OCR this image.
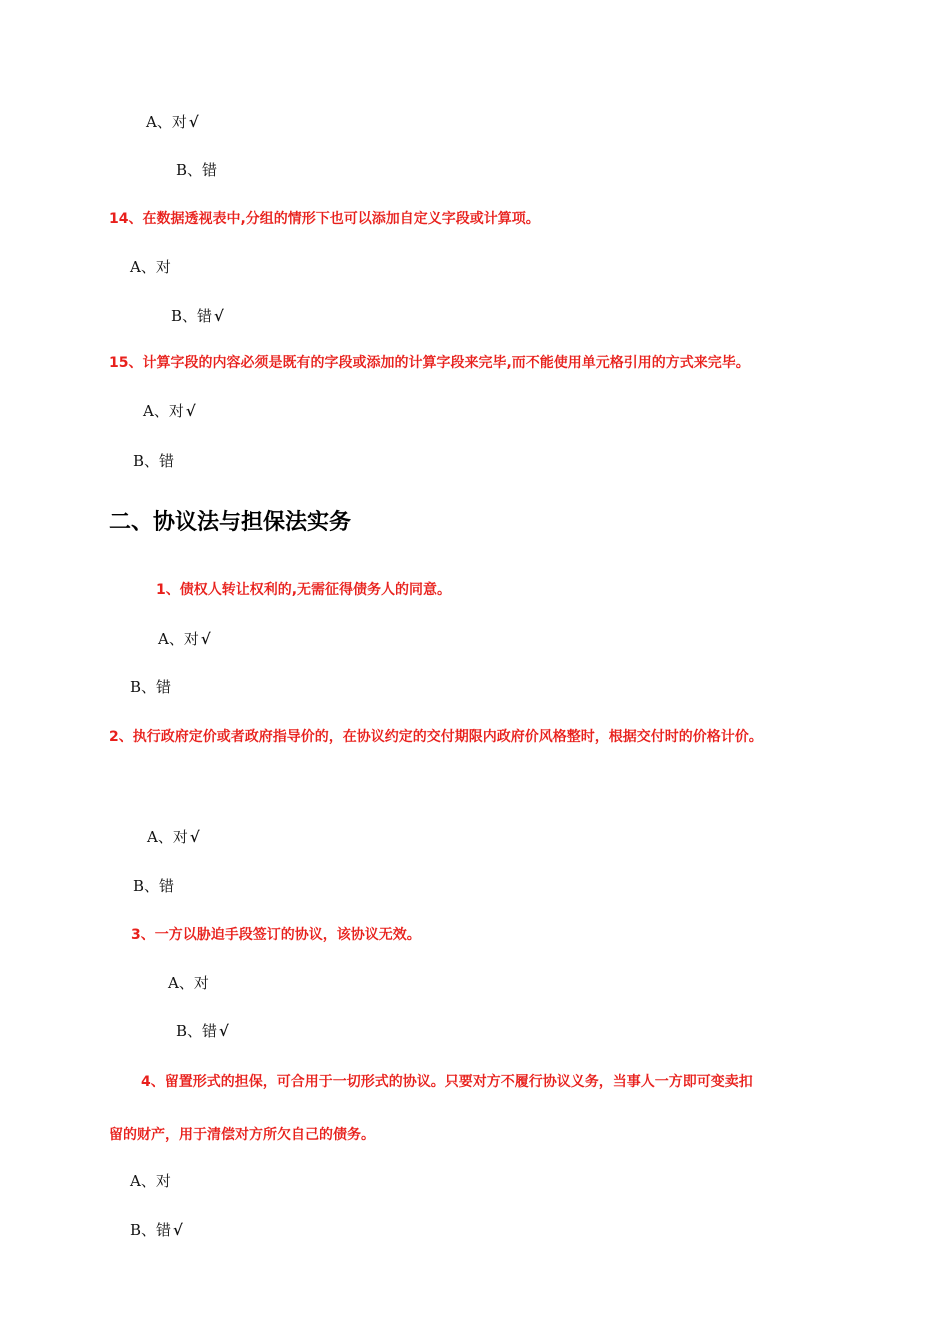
A、对 √
B、错
14、在数据透视表中,分组的情形下也可以添加自定义字段或计算项。
A、对
B、错 √
15、计算字段的内容必须是既有的字段或添加的计算字段来完毕,而不能使用单元格引用的方式来完毕。
A、对 √
B、错
二、协议法与担保法实务
1、债权人转让权利的,无需征得债务人的同意。
A、对 √
B、错
2、执行政府定价或者政府指导价的，在协议约定的交付期限内政府价风格整时，根据交付时的价格计价。
A、对 √
B、错
3、一方以胁迫手段签订的协议，该协议无效。
A、对
B、错 √
4、留置形式的担保，可合用于一切形式的协议。只要对方不履行协议义务，当事人一方即可变卖扣
留的财产，用于清偿对方所欠自己的债务。
A、对
B、错 √
